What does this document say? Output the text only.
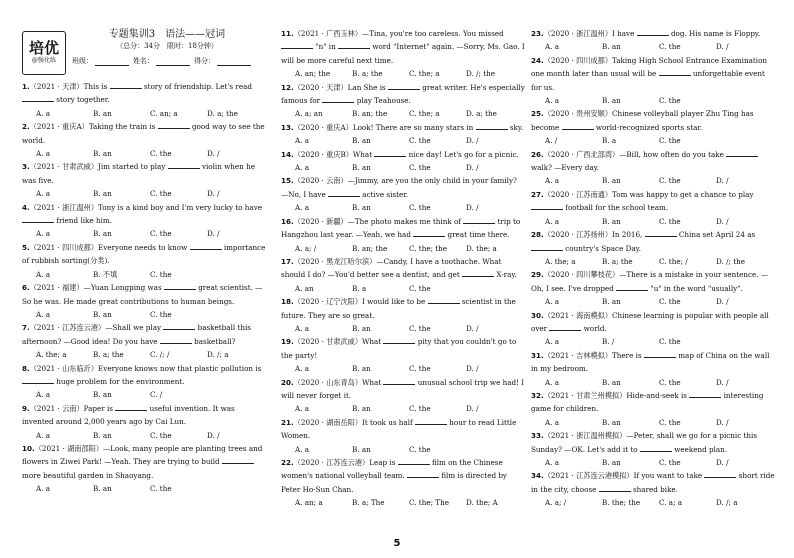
培优
@强化练
专题集训3　语法——冠词
（总分：34分　限时：18分钟）
班级：	姓名：	得分：
1.（2021 · 天津）This is	story of friendship. Let's read  story together.
A. a	B. an	C. an; a	D. a; the
2.（2021 · 重庆A）Taking the train is	good way to see the world.
A. a	B. an	C. the	D. /
3.（2021 · 甘肃武威）Jim started to play	violin when he was five.
A. a	B. an	C. the	D. /
4.（2021 · 浙江温州）Tony is a kind boy and I'm very lucky to have  friend like him.
A. a	B. an	C. the	D. /
5.（2021 · 四川成都）Everyone needs to know	importance of rubbish sorting(分类).
A. a	B. 不填	C. the
6.（2021 · 福建）—Yuan Longping was	great scientist. —So he was. He made great contributions to human beings.
A. a	B. an	C. the
7.（2021 · 江苏连云港）—Shall we play	basketball this afternoon? —Good idea! Do you have	basketball?
A. the; a	B. a; the	C. /; /	D. /; a
8.（2021 · 山东临沂）Everyone knows now that plastic pollution is  huge problem for the environment.
A. a	B. an	C. /
9.（2021 · 云南）Paper is	useful invention. It was invented around 2,000 years ago by Cai Lun.
A. a	B. an	C. the	D. /
10.（2021 · 湖南邵阳）—Look, many people are planting trees and flowers in Ziwei Park! —Yeah. They are trying to build  more beautiful garden in Shaoyang.
A. a	B. an	C. the
11.（2021 · 广西玉林）—Tina, you're too careless. You missed  "n" in	word "Internet" again. —Sorry, Ms. Gao. I will be more careful next time.
A. an; the	B. a; the	C. the; a	D. /; the
12.（2020 · 天津）Lan She is	great writer. He's especially famous for	play Teahouse.
A. a; an	B. an; the	C. the; a	D. a; the
13.（2020 · 重庆A）Look! There are so many stars in	sky.
A. a	B. an	C. the	D. /
14.（2020 · 重庆B）What	nice day! Let's go for a picnic.
A. a	B. an	C. the	D. /
15.（2020 · 云南）—Jimmy, are you the only child in your family? —No, I have	active sister.
A. a	B. an	C. the	D. /
16.（2020 · 新疆）—The photo makes me think of	trip to Hangzhou last year. —Yeah, we had	great time there.
A. a; /	B. an; the	C. the; the	D. the; a
17.（2020 · 黑龙江哈尔滨）—Candy, I have a toothache. What should I do? —You'd better see a dentist, and get	X-ray.
A. an	B. a	C. the
18.（2020 · 辽宁沈阳）I would like to be	scientist in the future. They are so great.
A. a	B. an	C. the	D. /
19.（2020 · 甘肃武威）What	pity that you couldn't go to the party!
A. a	B. an	C. the	D. /
20.（2020 · 山东青岛）What	unusual school trip we had! I will never forget it.
A. a	B. an	C. the	D. /
21.（2020 · 湖南岳阳）It took us half	hour to read Little Women.
A. a	B. an	C. the
22.（2020 · 江苏连云港）Leap is	film on the Chinese women's national volleyball team.	film is directed by Peter Ho-Sun Chan.
A. an; a	B. a; The	C. the; The	D. the; A
23.（2020 · 浙江温州）I have	dog. His name is Floppy.
A. a	B. an	C. the	D. /
24.（2020 · 四川成都）Taking High School Entrance Examination one month later than usual will be	unforgettable event for us.
A. a	B. an	C. the
25.（2020 · 贵州安顺）Chinese volleyball player Zhu Ting has become	world-recognized sports star.
A. /	B. a	C. the
26.（2020 · 广西北部湾）—Bill, how often do you take  walk? —Every day.
A. a	B. an	C. the	D. /
27.（2020 · 江苏南通）Tom was happy to get a chance to play  football for the school team.
A. a	B. an	C. the	D. /
28.（2020 · 江苏扬州）In 2016,	China set April 24 as  country's Space Day.
A. the; a	B. a; the	C. the; /	D. /; the
29.（2020 · 四川攀枝花）—There is a mistake in your sentence. —Oh, I see. I've dropped	"u" in the word "usually".
A. a	B. an	C. the	D. /
30.（2021 · 海南模拟）Chinese learning is popular with people all over	world.
A. a	B. /	C. the
31.（2021 · 吉林模拟）There is	map of China on the wall in my bedroom.
A. a	B. an	C. the	D. /
32.（2021 · 甘肃兰州模拟）Hide-and-seek is	interesting game for children.
A. a	B. an	C. the	D. /
33.（2021 · 浙江温州模拟）—Peter, shall we go for a picnic this Sunday? —OK. Let's add it to	weekend plan.
A. a	B. an	C. the	D. /
34.（2021 · 江苏连云港模拟）If you want to take	short ride in the city, choose	shared bike.
A. a; /	B. the; the	C. a; a	D. /; a
5
